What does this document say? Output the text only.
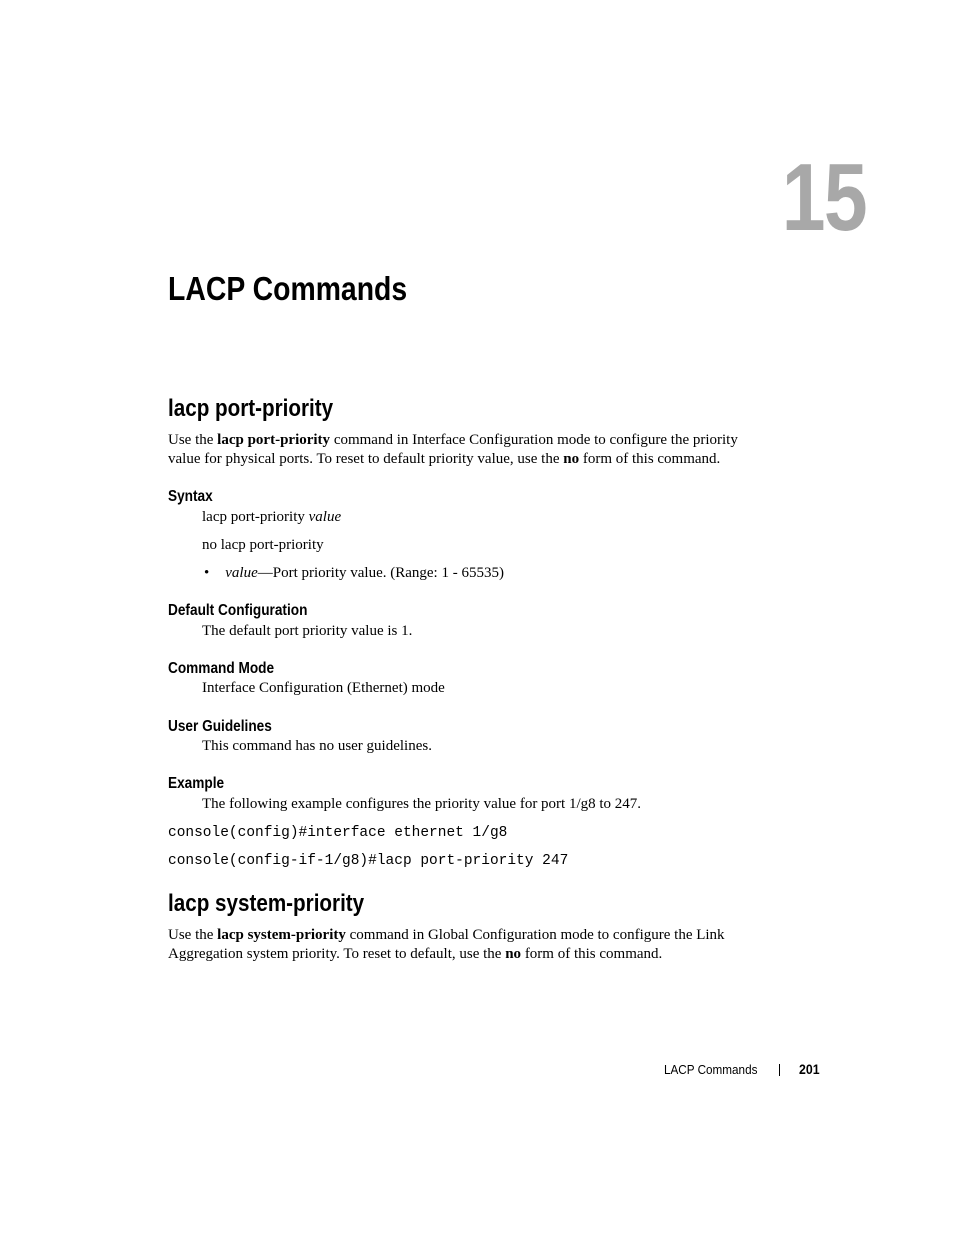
15
LACP Commands
lacp port-priority
Use the lacp port-priority command in Interface Configuration mode to configure the priority value for physical ports. To reset to default priority value, use the no form of this command.
Syntax
lacp port-priority value
no lacp port-priority
• value—Port priority value. (Range: 1 - 65535)
Default Configuration
The default port priority value is 1.
Command Mode
Interface Configuration (Ethernet) mode
User Guidelines
This command has no user guidelines.
Example
The following example configures the priority value for port 1/g8 to 247.
console(config)#interface ethernet 1/g8
console(config-if-1/g8)#lacp port-priority 247
lacp system-priority
Use the lacp system-priority command in Global Configuration mode to configure the Link Aggregation system priority. To reset to default, use the no form of this command.
LACP Commands	201
